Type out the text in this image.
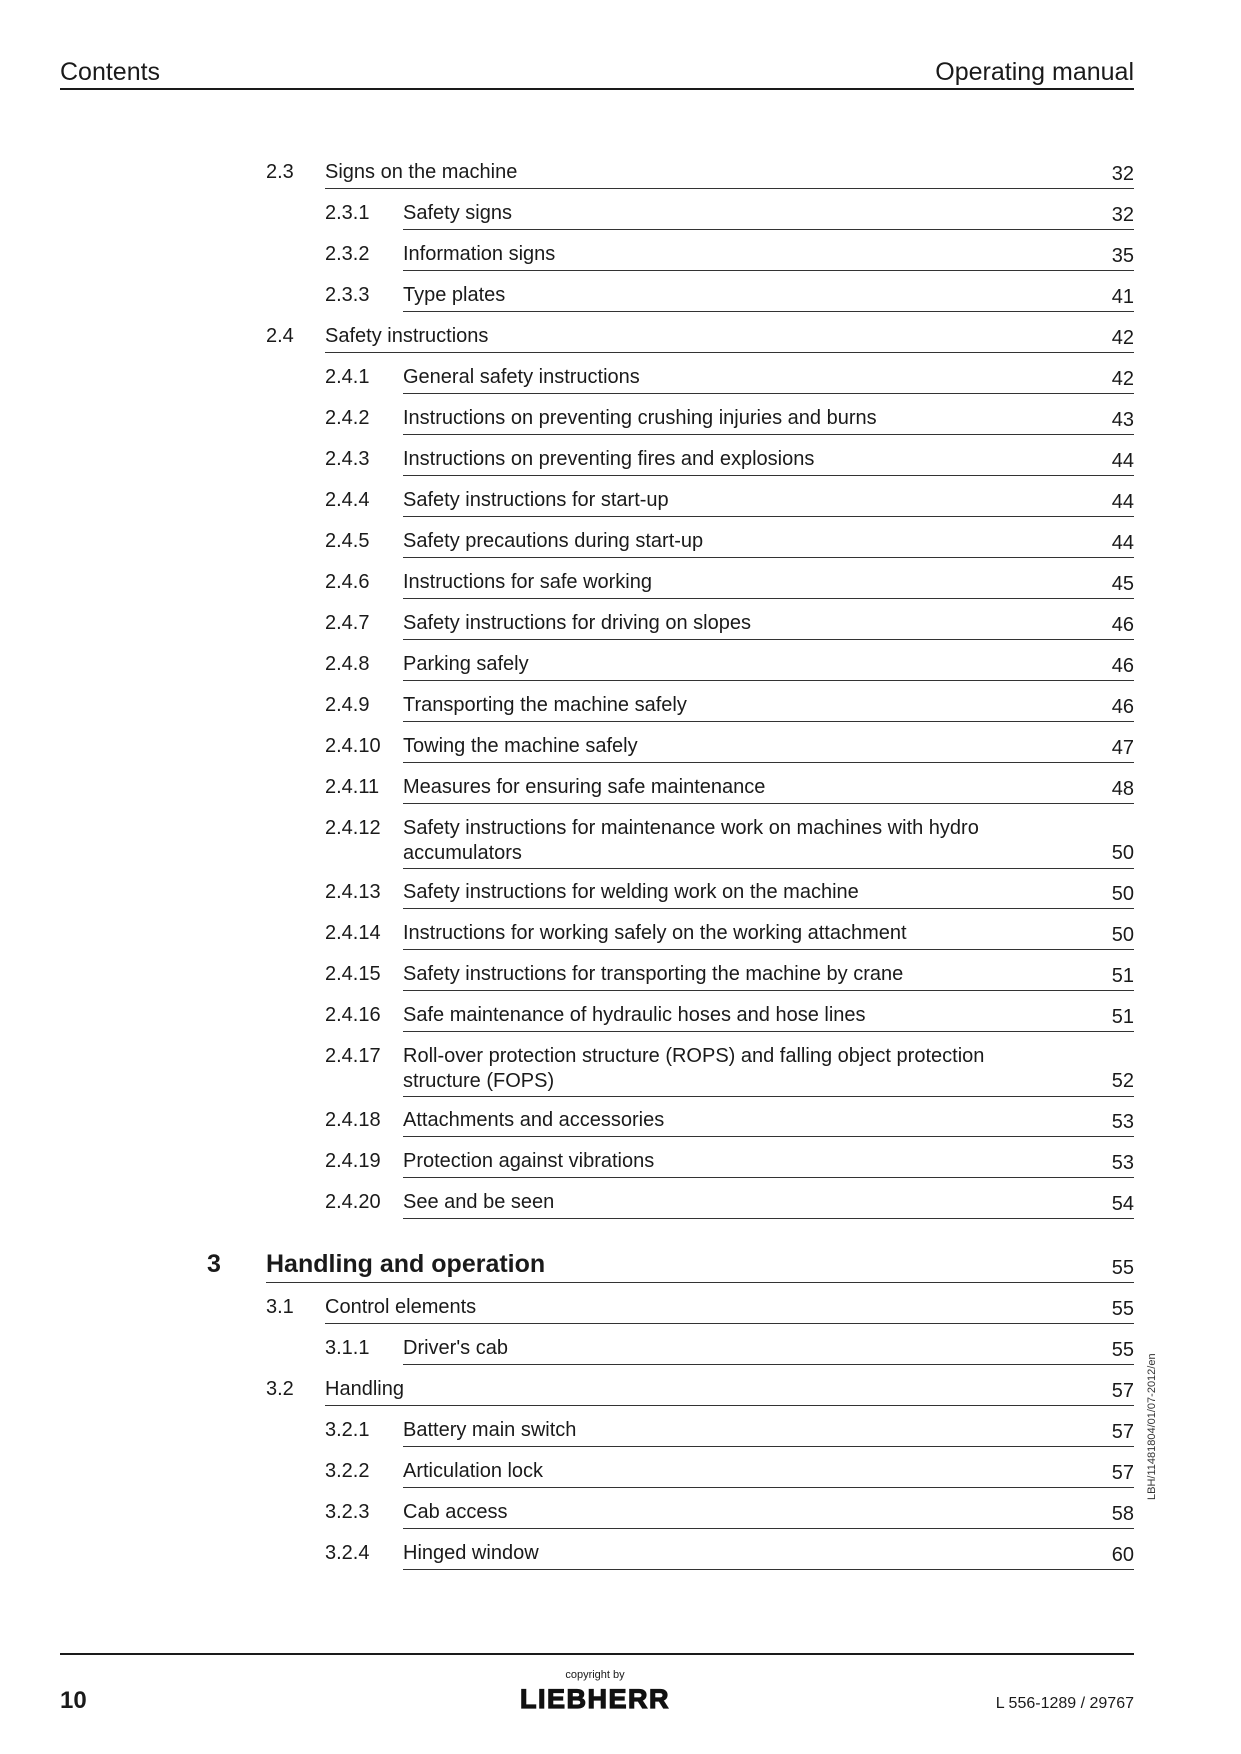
Contents	Operating manual
2.3 Signs on the machine	32
2.3.1 Safety signs	32
2.3.2 Information signs	35
2.3.3 Type plates	41
2.4 Safety instructions	42
2.4.1 General safety instructions	42
2.4.2 Instructions on preventing crushing injuries and burns	43
2.4.3 Instructions on preventing fires and explosions	44
2.4.4 Safety instructions for start-up	44
2.4.5 Safety precautions during start-up	44
2.4.6 Instructions for safe working	45
2.4.7 Safety instructions for driving on slopes	46
2.4.8 Parking safely	46
2.4.9 Transporting the machine safely	46
2.4.10 Towing the machine safely	47
2.4.11 Measures for ensuring safe maintenance	48
2.4.12 Safety instructions for maintenance work on machines with hydro
accumulators	50
2.4.13 Safety instructions for welding work on the machine	50
2.4.14 Instructions for working safely on the working attachment	50
2.4.15 Safety instructions for transporting the machine by crane	51
2.4.16 Safe maintenance of hydraulic hoses and hose lines	51
2.4.17 Roll-over protection structure (ROPS) and falling object protection
structure (FOPS)	52
2.4.18 Attachments and accessories	53
2.4.19 Protection against vibrations	53
2.4.20 See and be seen	54
3 Handling and operation	55
3.1 Control elements	55
3.1.1 Driver's cab	55
3.2 Handling	57
3.2.1 Battery main switch	57
3.2.2 Articulation lock	57
3.2.3 Cab access	58
3.2.4 Hinged window	60
LBH/11481804/01/07-2012/en
10
copyright by
LIEBHERR	L 556-1289 / 29767
